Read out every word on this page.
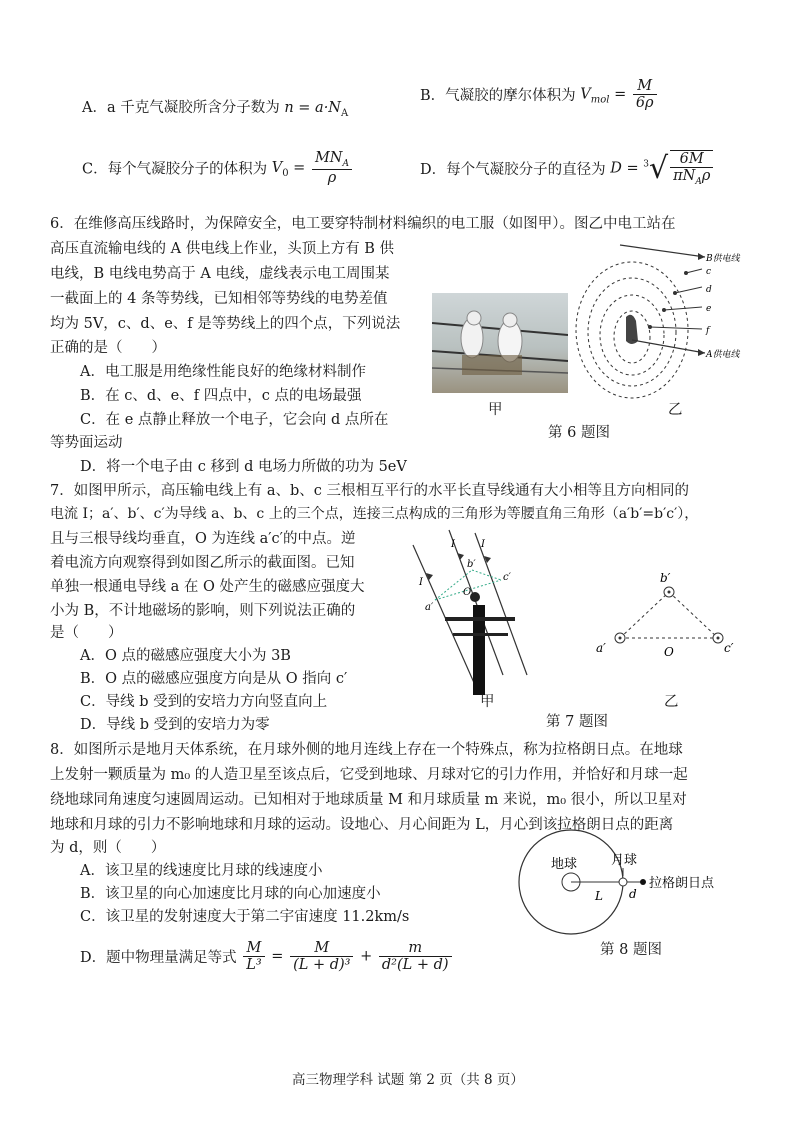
A．a 千克气凝胶所含分子数为 $n = a\cdot N_A$
B．气凝胶的摩尔体积为 $V_{mol} = \frac{M}{6\rho}$
C．每个气凝胶分子的体积为 $V_0 = \frac{MN_A}{\rho}$	D．每个气凝胶分子的直径为 $D = ^3√ \frac{6M}{\pi N_A\rho}$
6．在维修高压线路时，为保障安全，电工要穿特制材料编织的电工服（如图甲）。图乙中电工站在
高压直流输电线的 A 供电线上作业，头顶上方有 B 供
电线，B 电线电势高于 A 电线，虚线表示电工周围某
一截面上的 4 条等势线，已知相邻等势线的电势差值
均为 5V，c、d、e、f 是等势线上的四个点，下列说法
正确的是（　　）
A．电工服是用绝缘性能良好的绝缘材料制作
B．在 c、d、e、f 四点中，c 点的电场最强
C．在 e 点静止释放一个电子，它会向 d 点所在
等势面运动
D．将一个电子由 c 移到 d 电场力所做的功为 5eV
甲
B供电线
c
d
e
f
A供电线
乙
第 6 题图
7．如图甲所示，高压输电线上有 a、b、c 三根相互平行的水平长直导线通有大小相等且方向相同的
电流 I；a′、b′、c′为导线 a、b、c 上的三个点，连接三点构成的三角形为等腰直角三角形（a′b′=b′c′），
且与三根导线均垂直，O 为连线 a′c′的中点。逆
着电流方向观察得到如图乙所示的截面图。已知
单独一根通电导线 a 在 O 处产生的磁感应强度大
小为 B，不计地磁场的影响，则下列说法正确的
是（　　）
A．O 点的磁感应强度大小为 3B
B．O 点的磁感应强度方向是从 O 指向 c′
C．导线 b 受到的安培力方向竖直向上
D．导线 b 受到的安培力为零
I
I	I
a′
b′
c′
O
甲
b′
a′	c′
O
乙
第 7 题图
8．如图所示是地月天体系统，在月球外侧的地月连线上存在一个特殊点，称为拉格朗日点。在地球
上发射一颗质量为 m₀ 的人造卫星至该点后，它受到地球、月球对它的引力作用，并恰好和月球一起
绕地球同角速度匀速圆周运动。已知相对于地球质量 M 和月球质量 m 来说，m₀ 很小，所以卫星对
地球和月球的引力不影响地球和月球的运动。设地心、月心间距为 L，月心到该拉格朗日点的距离
为 d，则（　　）
A．该卫星的线速度比月球的线速度小
B．该卫星的向心加速度比月球的向心加速度小
C．该卫星的发射速度大于第二宇宙速度 11.2km/s
D．题中物理量满足等式 $\frac{M}{\text{L³}} = \frac{M}{\text{(L + d)³}} + \frac{m}{\text{d²(L + d)}}$
地球	月球
拉格朗日点
L d
第 8 题图
高三物理学科 试题 第 2 页（共 8 页）
